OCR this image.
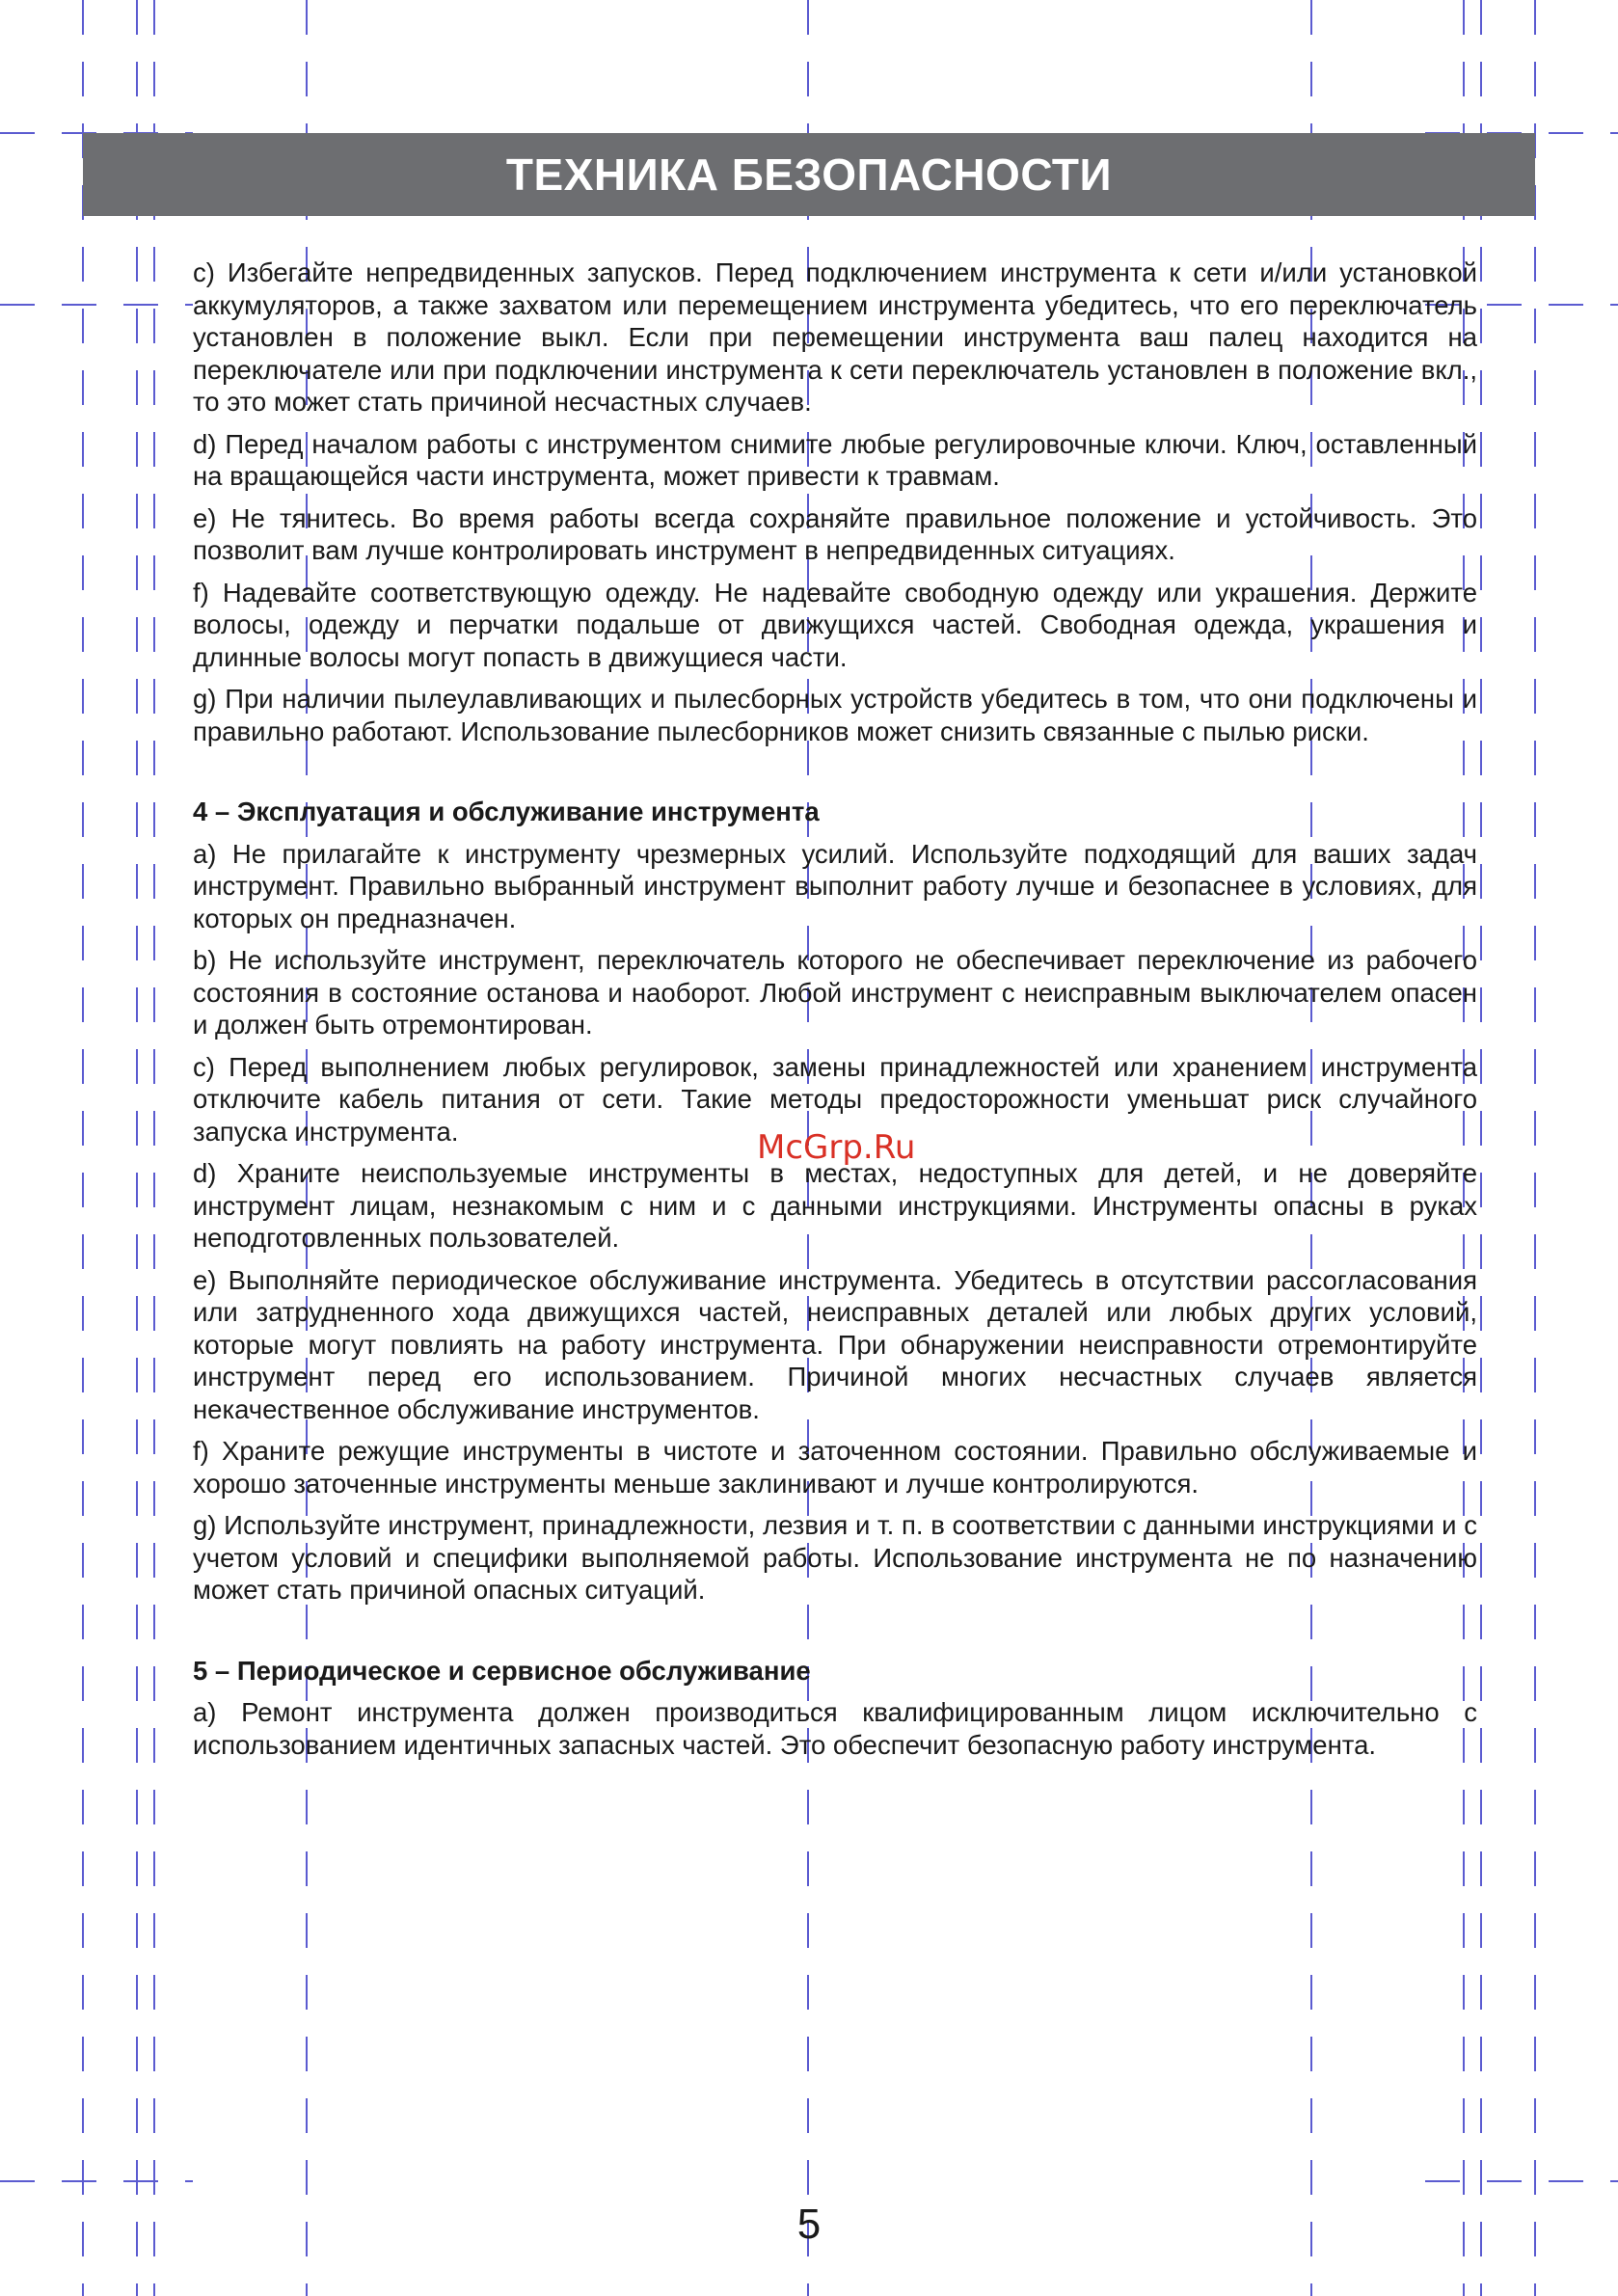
ТЕХНИКА БЕЗОПАСНОСТИ

c) Избегайте непредвиденных запусков. Перед подключением инструмента к сети и/или установкой аккумуляторов, а также захватом или перемещением инструмента убедитесь, что его переключатель установлен в положение выкл. Если при перемещении инструмента ваш палец находится на переключателе или при подключении инструмента к сети переключатель установлен в положение вкл., то это может стать причиной несчастных случаев.

d) Перед началом работы с инструментом снимите любые регулировочные ключи. Ключ, оставленный на вращающейся части инструмента, может привести к травмам.

e) Не тянитесь. Во время работы всегда сохраняйте правильное положение и устойчивость. Это позволит вам лучше контролировать инструмент в непредвиденных ситуациях.

f) Надевайте соответствующую одежду. Не надевайте свободную одежду или украшения. Держите волосы, одежду и перчатки подальше от движущихся частей. Свободная одежда, украшения и длинные волосы могут попасть в движущиеся части.

g) При наличии пылеулавливающих и пылесборных устройств убедитесь в том, что они подключены и правильно работают. Использование пылесборников может снизить связанные с пылью риски.

4 – Эксплуатация и обслуживание инструмента

a) Не прилагайте к инструменту чрезмерных усилий. Используйте подходящий для ваших задач инструмент. Правильно выбранный инструмент выполнит работу лучше и безопаснее в условиях, для которых он предназначен.

b) Не используйте инструмент, переключатель которого не обеспечивает переключение из рабочего состояния в состояние останова и наоборот. Любой инструмент с неисправным выключателем опасен и должен быть отремонтирован.

c) Перед выполнением любых регулировок, замены принадлежностей или хранением инструмента отключите кабель питания от сети. Такие методы предосторожности уменьшат риск случайного запуска инструмента.

d) Храните неиспользуемые инструменты в местах, недоступных для детей, и не доверяйте инструмент лицам, незнакомым с ним и с данными инструкциями. Инструменты опасны в руках неподготовленных пользователей.

e) Выполняйте периодическое обслуживание инструмента. Убедитесь в отсутствии рассогласования или затрудненного хода движущихся частей, неисправных деталей или любых других условий, которые могут повлиять на работу инструмента. При обнаружении неисправности отремонтируйте инструмент перед его использованием. Причиной многих несчастных случаев является некачественное обслуживание инструментов.

f) Храните режущие инструменты в чистоте и заточенном состоянии. Правильно обслуживаемые и хорошо заточенные инструменты меньше заклинивают и лучше контролируются.

g) Используйте инструмент, принадлежности, лезвия и т. п. в соответствии с данными инструкциями и с учетом условий и специфики выполняемой работы. Использование инструмента не по назначению может стать причиной опасных ситуаций.

5 – Периодическое и сервисное обслуживание

a) Ремонт инструмента должен производиться квалифицированным лицом исключительно с использованием идентичных запасных частей. Это обеспечит безопасную работу инструмента.

McGrp.Ru
5
